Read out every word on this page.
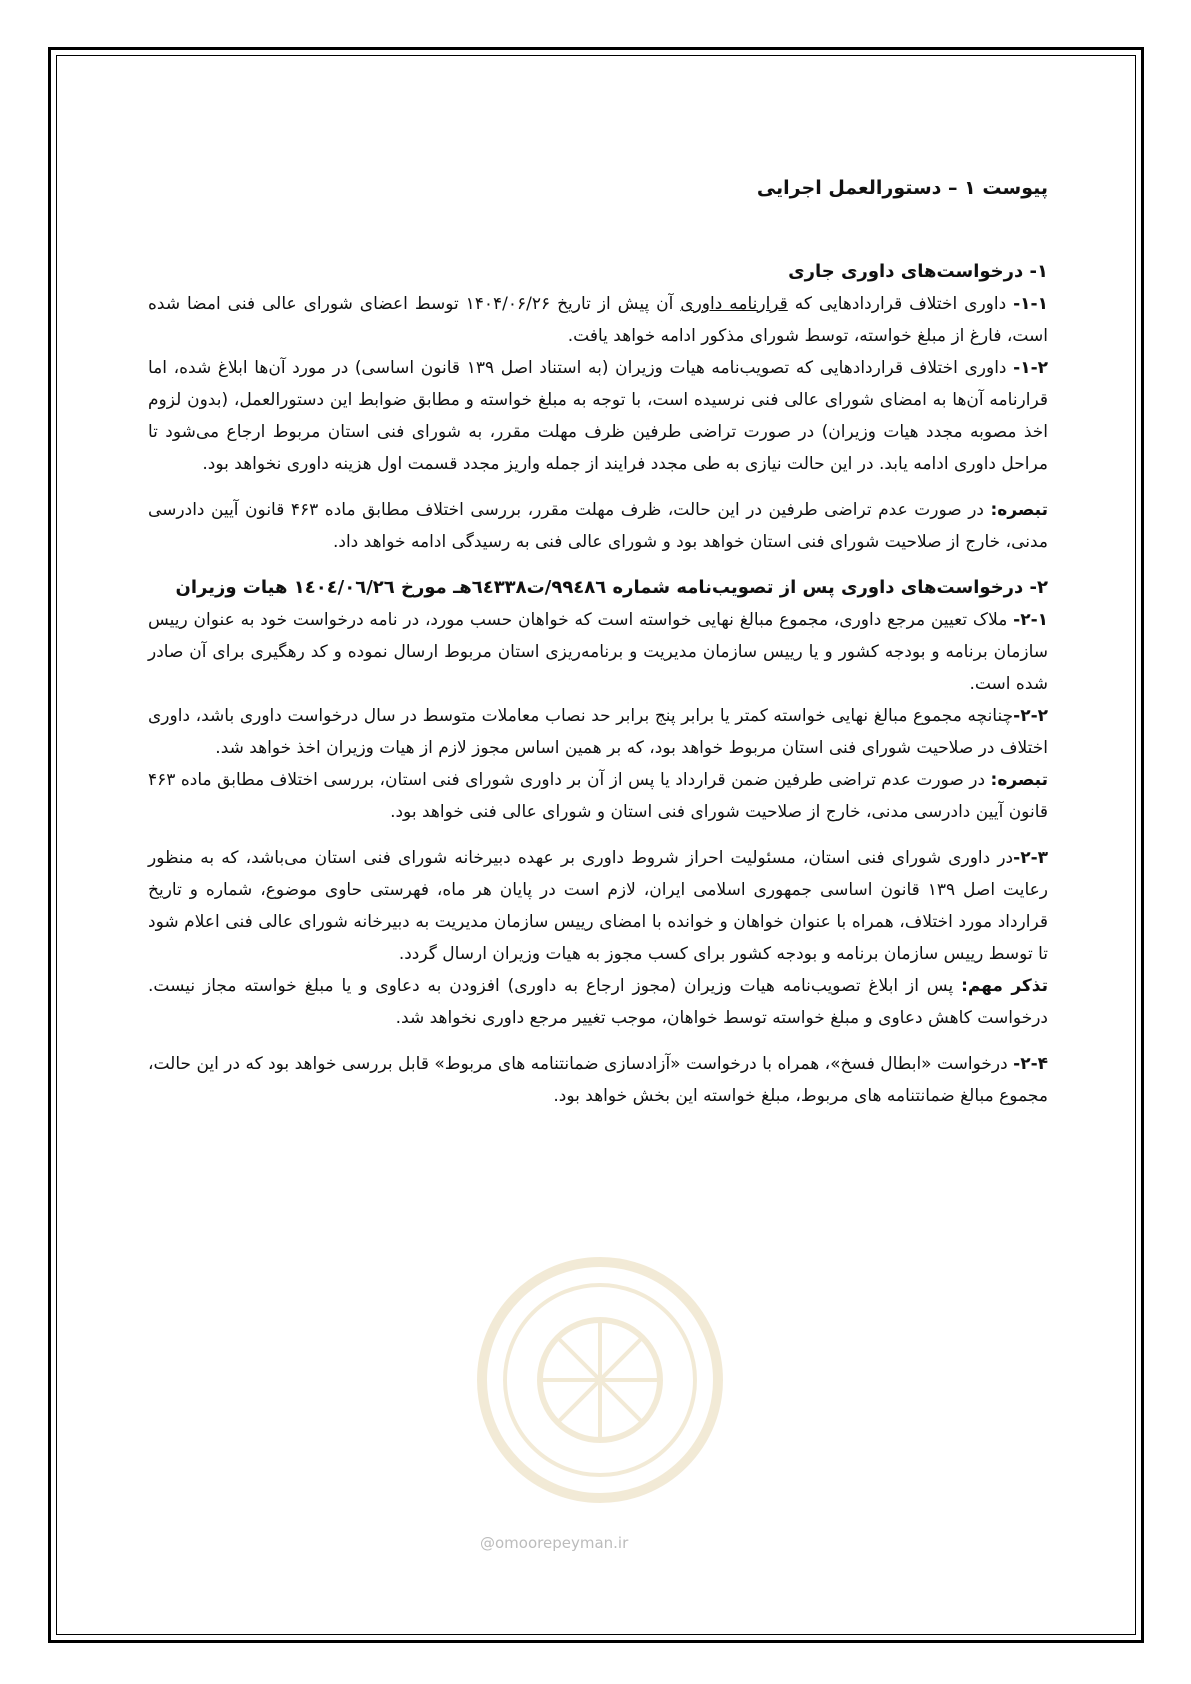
پیوست ۱ – دستورالعمل اجرایی
۱- درخواست‌های داوری جاری

۱-۱- داوری اختلاف قراردادهایی که قرارنامه داوری آن پیش از تاریخ ۱۴۰۴/۰۶/۲۶ توسط اعضای شورای عالی فنی امضا شده است، فارغ از مبلغ خواسته، توسط شورای مذکور ادامه خواهد یافت.

۱-۲- داوری اختلاف قراردادهایی که تصویب‌نامه هیات وزیران (به استناد اصل ۱۳۹ قانون اساسی) در مورد آن‌ها ابلاغ شده، اما قرارنامه آن‌ها به امضای شورای عالی فنی نرسیده است، با توجه به مبلغ خواسته و مطابق ضوابط این دستورالعمل، (بدون لزوم اخذ مصوبه مجدد هیات وزیران) در صورت تراضی طرفین ظرف مهلت مقرر، به شورای فنی استان مربوط ارجاع می‌شود تا مراحل داوری ادامه یابد. در این حالت نیازی به طی مجدد فرایند از جمله واریز مجدد قسمت اول هزینه داوری نخواهد بود.

تبصره: در صورت عدم تراضی طرفین در این حالت، ظرف مهلت مقرر، بررسی اختلاف مطابق ماده ۴۶۳ قانون آیین دادرسی مدنی، خارج از صلاحیت شورای فنی استان خواهد بود و شورای عالی فنی به رسیدگی ادامه خواهد داد.

۲- درخواست‌های داوری پس از تصویب‌نامه شماره ٩٩٤٨٦/ت٦٤٣٣٨هـ مورخ ١٤٠٤/٠٦/٢٦ هیات وزیران

۲-۱- ملاک تعیین مرجع داوری، مجموع مبالغ نهایی خواسته است که خواهان حسب مورد، در نامه درخواست خود به عنوان رییس سازمان برنامه و بودجه کشور و یا رییس سازمان مدیریت و برنامه‌ریزی استان مربوط ارسال نموده و کد رهگیری برای آن صادر شده است.

۲-۲-چنانچه مجموع مبالغ نهایی خواسته کمتر یا برابر پنج برابر حد نصاب معاملات متوسط در سال درخواست داوری باشد، داوری اختلاف در صلاحیت شورای فنی استان مربوط خواهد بود، که بر همین اساس مجوز لازم از هیات وزیران اخذ خواهد شد.

تبصره: در صورت عدم تراضی طرفین ضمن قرارداد یا پس از آن بر داوری شورای فنی استان، بررسی اختلاف مطابق ماده ۴۶۳ قانون آیین دادرسی مدنی، خارج از صلاحیت شورای فنی استان و شورای عالی فنی خواهد بود.

۲-۳-در داوری شورای فنی استان، مسئولیت احراز شروط داوری بر عهده دبیرخانه شورای فنی استان می‌باشد، که به منظور رعایت اصل ۱۳۹ قانون اساسی جمهوری اسلامی ایران، لازم است در پایان هر ماه، فهرستی حاوی موضوع، شماره و تاریخ قرارداد مورد اختلاف، همراه با عنوان خواهان و خوانده با امضای رییس سازمان مدیریت به دبیرخانه شورای عالی فنی اعلام شود تا توسط رییس سازمان برنامه و بودجه کشور برای کسب مجوز به هیات وزیران ارسال گردد.

تذکر مهم: پس از ابلاغ تصویب‌نامه هیات وزیران (مجوز ارجاع به داوری) افزودن به دعاوی و یا مبلغ خواسته مجاز نیست. درخواست کاهش دعاوی و مبلغ خواسته توسط خواهان، موجب تغییر مرجع داوری نخواهد شد.

۲-۴- درخواست «ابطال فسخ»، همراه با درخواست «آزادسازی ضمانتنامه های مربوط» قابل بررسی خواهد بود که در این حالت، مجموع مبالغ ضمانتنامه های مربوط، مبلغ خواسته این بخش خواهد بود.

@omoorepeyman.ir
